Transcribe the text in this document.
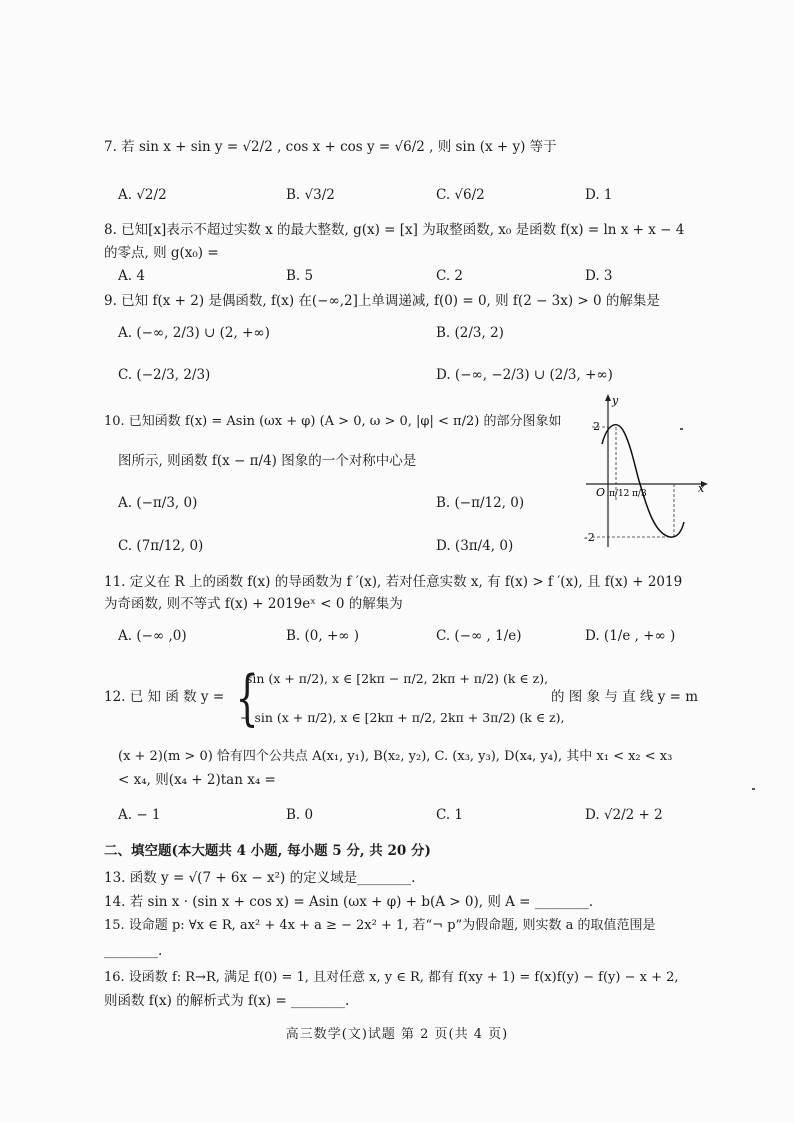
7. 若 sin x + sin y = √2/2 , cos x + cos y = √6/2 , 则 sin (x + y) 等于
A. √2/2	B. √3/2	C. √6/2	D. 1
8. 已知[x]表示不超过实数 x 的最大整数, g(x) = [x] 为取整函数, x₀ 是函数 f(x) = ln x + x − 4
的零点, 则 g(x₀) =
A. 4	B. 5	C. 2	D. 3
9. 已知 f(x + 2) 是偶函数, f(x) 在(−∞,2]上单调递减, f(0) = 0, 则 f(2 − 3x) > 0 的解集是
A. (−∞, 2/3) ∪ (2, +∞)	B. (2/3, 2)
C. (−2/3, 2/3)	D. (−∞, −2/3) ∪ (2/3, +∞)
10. 已知函数 f(x) = Asin (ωx + φ) (A > 0, ω > 0, |φ| < π/2) 的部分图象如
图所示, 则函数 f(x − π/4) 图象的一个对称中心是
A. (−π/3, 0)	B. (−π/12, 0)
C. (7π/12, 0)	D. (3π/4, 0)
y
x
O
2
-2
π/12 π/3
11. 定义在 R 上的函数 f(x) 的导函数为 f ′(x), 若对任意实数 x, 有 f(x) > f ′(x), 且 f(x) + 2019
为奇函数, 则不等式 f(x) + 2019eˣ < 0 的解集为
A. (−∞ ,0)	B. (0, +∞ )	C. (−∞ , 1/e)	D. (1/e , +∞ )
12. 已 知 函 数 y = {
sin (x + π/2), x ∈ [2kπ − π/2, 2kπ + π/2) (k ∈ z),
− sin (x + π/2), x ∈ [2kπ + π/2, 2kπ + 3π/2) (k ∈ z),
的 图 象 与 直 线 y = m
(x + 2)(m > 0) 恰有四个公共点 A(x₁, y₁), B(x₂, y₂), C. (x₃, y₃), D(x₄, y₄), 其中 x₁ < x₂ < x₃
< x₄, 则(x₄ + 2)tan x₄ =
A. − 1	B. 0	C. 1	D. √2/2 + 2
二、填空题(本大题共 4 小题, 每小题 5 分, 共 20 分)
13. 函数 y = √(7 + 6x − x²) 的定义域是________.
14. 若 sin x · (sin x + cos x) = Asin (ωx + φ) + b(A > 0), 则 A = ________.
15. 设命题 p: ∀x ∈ R, ax² + 4x + a ≥ − 2x² + 1, 若“¬ p”为假命题, 则实数 a 的取值范围是
________.
16. 设函数 f: R→R, 满足 f(0) = 1, 且对任意 x, y ∈ R, 都有 f(xy + 1) = f(x)f(y) − f(y) − x + 2,
则函数 f(x) 的解析式为 f(x) = ________.
高三数学(文)试题 第 2 页(共 4 页)
